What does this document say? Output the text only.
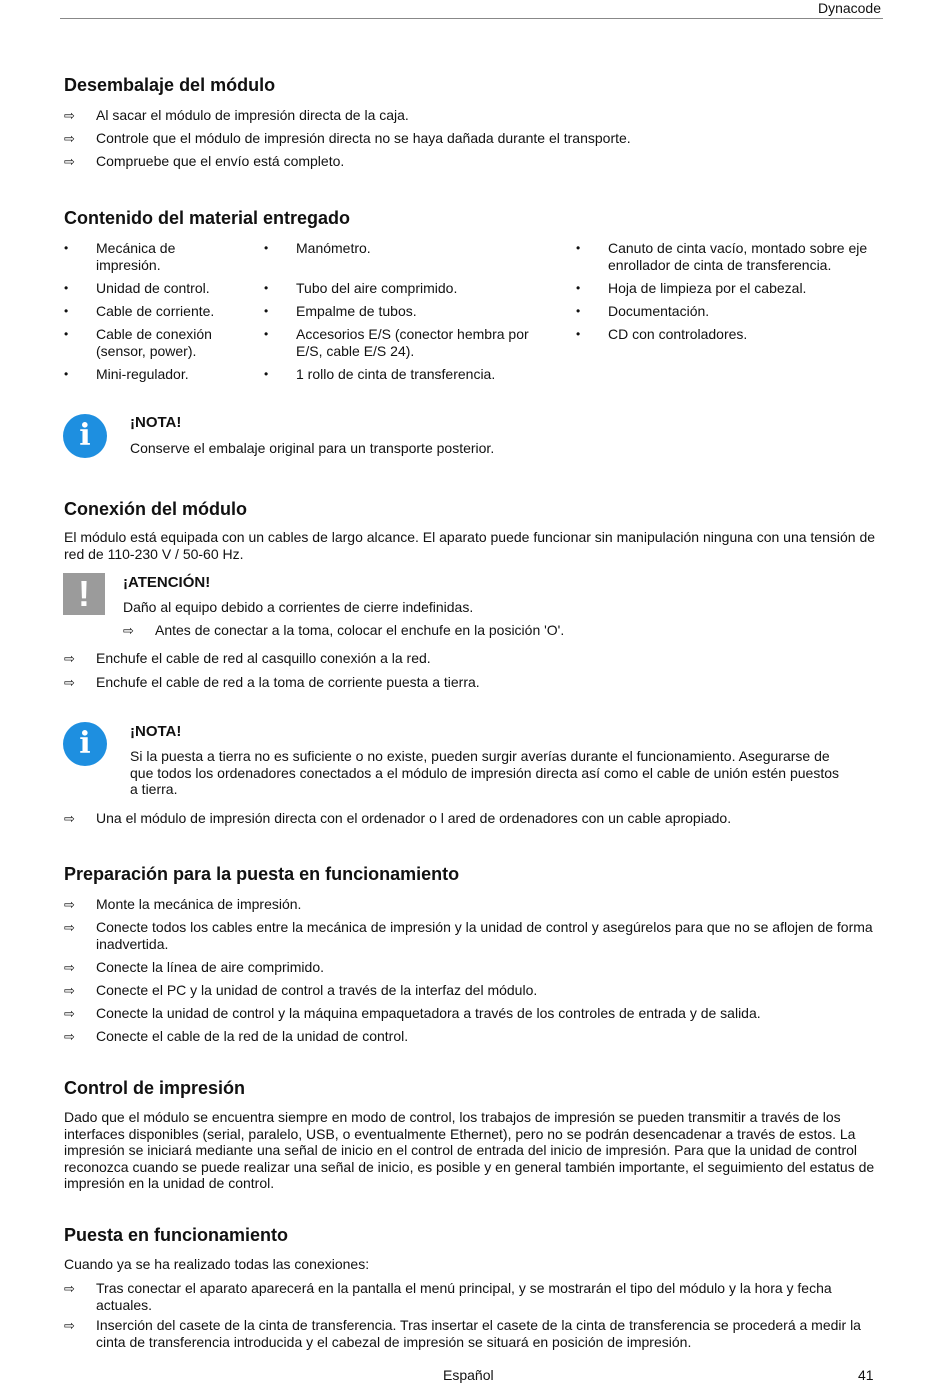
Dynacode
Desembalaje del módulo
⇨ Al sacar el módulo de impresión directa de la caja.
⇨ Controle que el módulo de impresión directa no se haya dañada durante el transporte.
⇨ Compruebe que el envío está completo.
Contenido del material entregado
• Mecánica de impresión.
• Unidad de control.
• Cable de corriente.
• Cable de conexión (sensor, power).
• Mini-regulador.
• Manómetro.
• Tubo del aire comprimido.
• Empalme de tubos.
• Accesorios E/S (conector hembra por E/S, cable E/S 24).
• 1 rollo de cinta de transferencia.
• Canuto de cinta vacío, montado sobre eje enrollador de cinta de transferencia.
• Hoja de limpieza por el cabezal.
• Documentación.
• CD con controladores.
i	¡NOTA!
Conserve el embalaje original para un transporte posterior.
Conexión del módulo
El módulo está equipada con un cables de largo alcance. El aparato puede funcionar sin manipulación ninguna con una tensión de red de 110-230 V / 50-60 Hz.
!	¡ATENCIÓN!
Daño al equipo debido a corrientes de cierre indefinidas.
⇨ Antes de conectar a la toma, colocar el enchufe en la posición 'O'.
⇨ Enchufe el cable de red al casquillo conexión a la red.
⇨ Enchufe el cable de red a la toma de corriente puesta a tierra.
i	¡NOTA!
Si la puesta a tierra no es suficiente o no existe, pueden surgir averías durante el funcionamiento. Asegurarse de que todos los ordenadores conectados a el módulo de impresión directa así como el cable de unión estén puestos a tierra.
⇨ Una el módulo de impresión directa con el ordenador o l ared de ordenadores con un cable apropiado.
Preparación para la puesta en funcionamiento
⇨ Monte la mecánica de impresión.
⇨ Conecte todos los cables entre la mecánica de impresión y la unidad de control y asegúrelos para que no se aflojen de forma inadvertida.
⇨ Conecte la línea de aire comprimido.
⇨ Conecte el PC y la unidad de control a través de la interfaz del módulo.
⇨ Conecte la unidad de control y la máquina empaquetadora a través de los controles de entrada y de salida.
⇨ Conecte el cable de la red de la unidad de control.
Control de impresión
Dado que el módulo se encuentra siempre en modo de control, los trabajos de impresión se pueden transmitir a través de los interfaces disponibles (serial, paralelo, USB, o eventualmente Ethernet), pero no se podrán desencadenar a través de estos. La impresión se iniciará mediante una señal de inicio en el control de entrada del inicio de impresión. Para que la unidad de control reconozca cuando se puede realizar una señal de inicio, es posible y en general también importante, el seguimiento del estatus de impresión en la unidad de control.
Puesta en funcionamiento
Cuando ya se ha realizado todas las conexiones:
⇨ Tras conectar el aparato aparecerá en la pantalla el menú principal, y se mostrarán el tipo del módulo y la hora y fecha actuales.
⇨ Inserción del casete de la cinta de transferencia. Tras insertar el casete de la cinta de transferencia se procederá a medir la cinta de transferencia introducida y el cabezal de impresión se situará en posición de impresión.
Español	41
